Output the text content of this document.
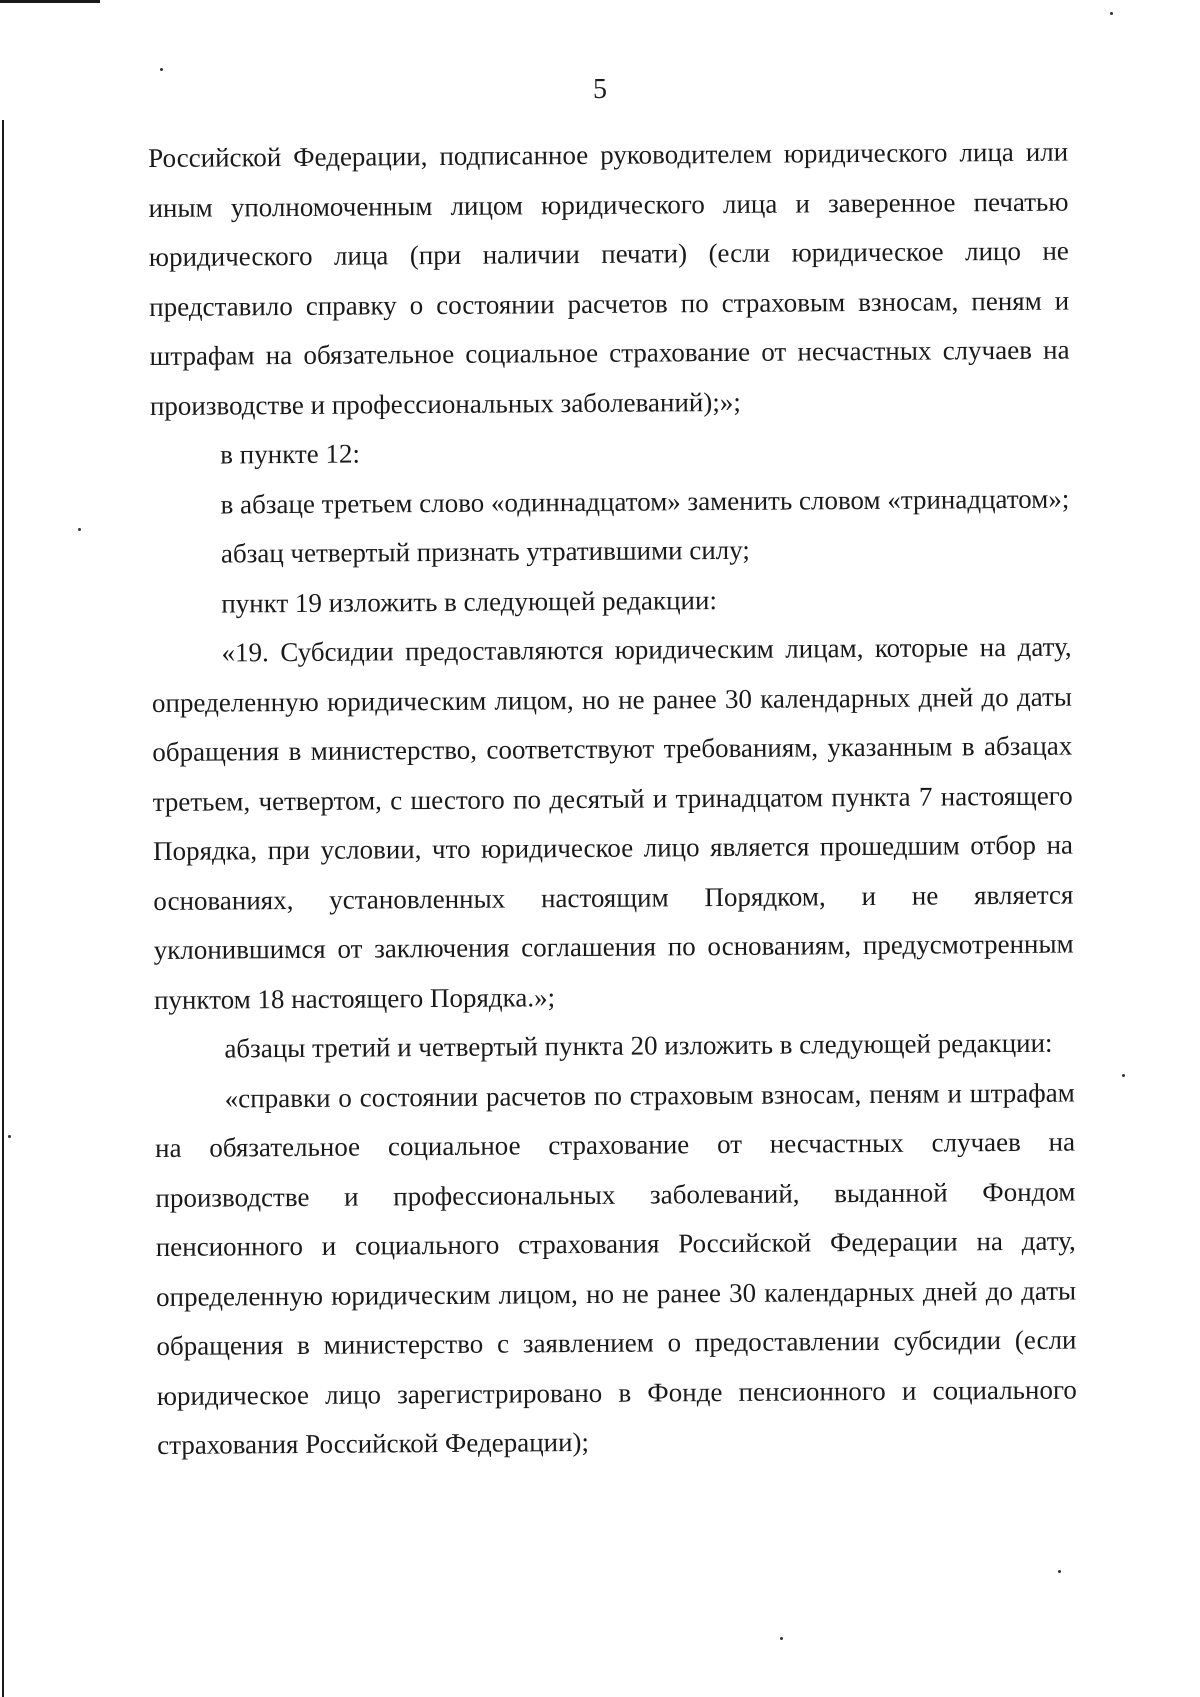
5

Российской Федерации, подписанное руководителем юридического лица или иным уполномоченным лицом юридического лица и заверенное печатью юридического лица (при наличии печати) (если юридическое лицо не представило справку о состоянии расчетов по страховым взносам, пеням и штрафам на обязательное социальное страхование от несчастных случаев на производстве и профессиональных заболеваний);»;

в пункте 12:

в абзаце третьем слово «одиннадцатом» заменить словом «тринадцатом»;

абзац четвертый признать утратившими силу;

пункт 19 изложить в следующей редакции:

«19. Субсидии предоставляются юридическим лицам, которые на дату, определенную юридическим лицом, но не ранее 30 календарных дней до даты обращения в министерство, соответствуют требованиям, указанным в абзацах третьем, четвертом, с шестого по десятый и тринадцатом пункта 7 настоящего Порядка, при условии, что юридическое лицо является прошедшим отбор на основаниях, установленных настоящим Порядком, и не является уклонившимся от заключения соглашения по основаниям, предусмотренным пунктом 18 настоящего Порядка.»;

абзацы третий и четвертый пункта 20 изложить в следующей редакции:

«справки о состоянии расчетов по страховым взносам, пеням и штрафам на обязательное социальное страхование от несчастных случаев на производстве и профессиональных заболеваний, выданной Фондом пенсионного и социального страхования Российской Федерации на дату, определенную юридическим лицом, но не ранее 30 календарных дней до даты обращения в министерство с заявлением о предоставлении субсидии (если юридическое лицо зарегистрировано в Фонде пенсионного и социального страхования Российской Федерации);
